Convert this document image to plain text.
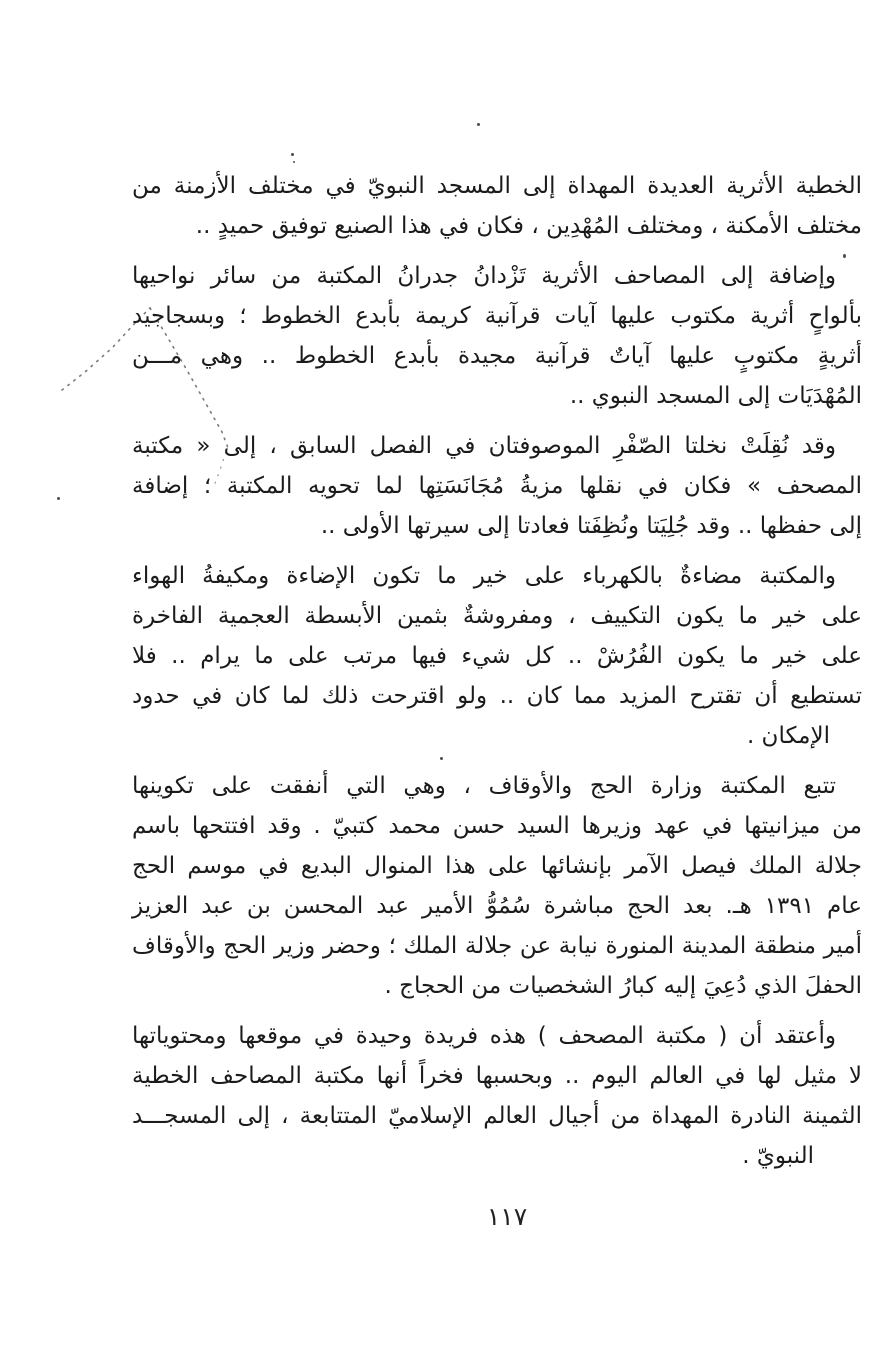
الخطية الأثرية العديدة المهداة إلى المسجد النبويّ في مختلف الأزمنة من
مختلف الأمكنة ، ومختلف المُهْدِين ، فكان في هذا الصنيع توفيق حميدٍ ..

وإضافة إلى المصاحف الأثرية تَزْدانُ جدرانُ المكتبة من سائر نواحيها
بألواحٍ أثرية مكتوب عليها آيات قرآنية كريمة بأبدع الخطوط ؛ وبسجاجيد
أثريةٍ مكتوبٍ عليها آياتٌ قرآنية مجيدة بأبدع الخطوط .. وهي مـــن
المُهْدَيَات إلى المسجد النبوي ..

وقد نُقِلَتْ نخلتا الصّفْرِ الموصوفتان في الفصل السابق ، إلى « مكتبة
المصحف » فكان في نقلها مزيةُ مُجَانَسَتِها لما تحويه المكتبة ؛ إضافة
إلى حفظها .. وقد جُلِيَتا ونُظِفَتا فعادتا إلى سيرتها الأولى ..

والمكتبة مضاءةٌ بالكهرباء على خير ما تكون الإضاءة ومكيفةُ الهواء
على خير ما يكون التكييف ، ومفروشةٌ بثمين الأبسطة العجمية الفاخرة
على خير ما يكون الفُرُشْ .. كل شيء فيها مرتب على ما يرام .. فلا
تستطيع أن تقترح المزيد مما كان .. ولو اقترحت ذلك لما كان في حدود
الإمكان .

تتبع المكتبة وزارة الحج والأوقاف ، وهي التي أنفقت على تكوينها
من ميزانيتها في عهد وزيرها السيد حسن محمد كتبيّ . وقد افتتحها باسم
جلالة الملك فيصل الآمر بإنشائها على هذا المنوال البديع في موسم الحج
عام ١٣٩١ هـ. بعد الحج مباشرة سُمُوُّ الأمير عبد المحسن بن عبد العزيز
أمير منطقة المدينة المنورة نيابة عن جلالة الملك ؛ وحضر وزير الحج والأوقاف
الحفلَ الذي دُعِيَ إليه كبارُ الشخصيات من الحجاج .

وأعتقد أن ( مكتبة المصحف ) هذه فريدة وحيدة في موقعها ومحتوياتها
لا مثيل لها في العالم اليوم .. وبحسبها فخراً أنها مكتبة المصاحف الخطية
الثمينة النادرة المهداة من أجيال العالم الإسلاميّ المتتابعة ، إلى المسجـــد
النبويّ .

١١٧
